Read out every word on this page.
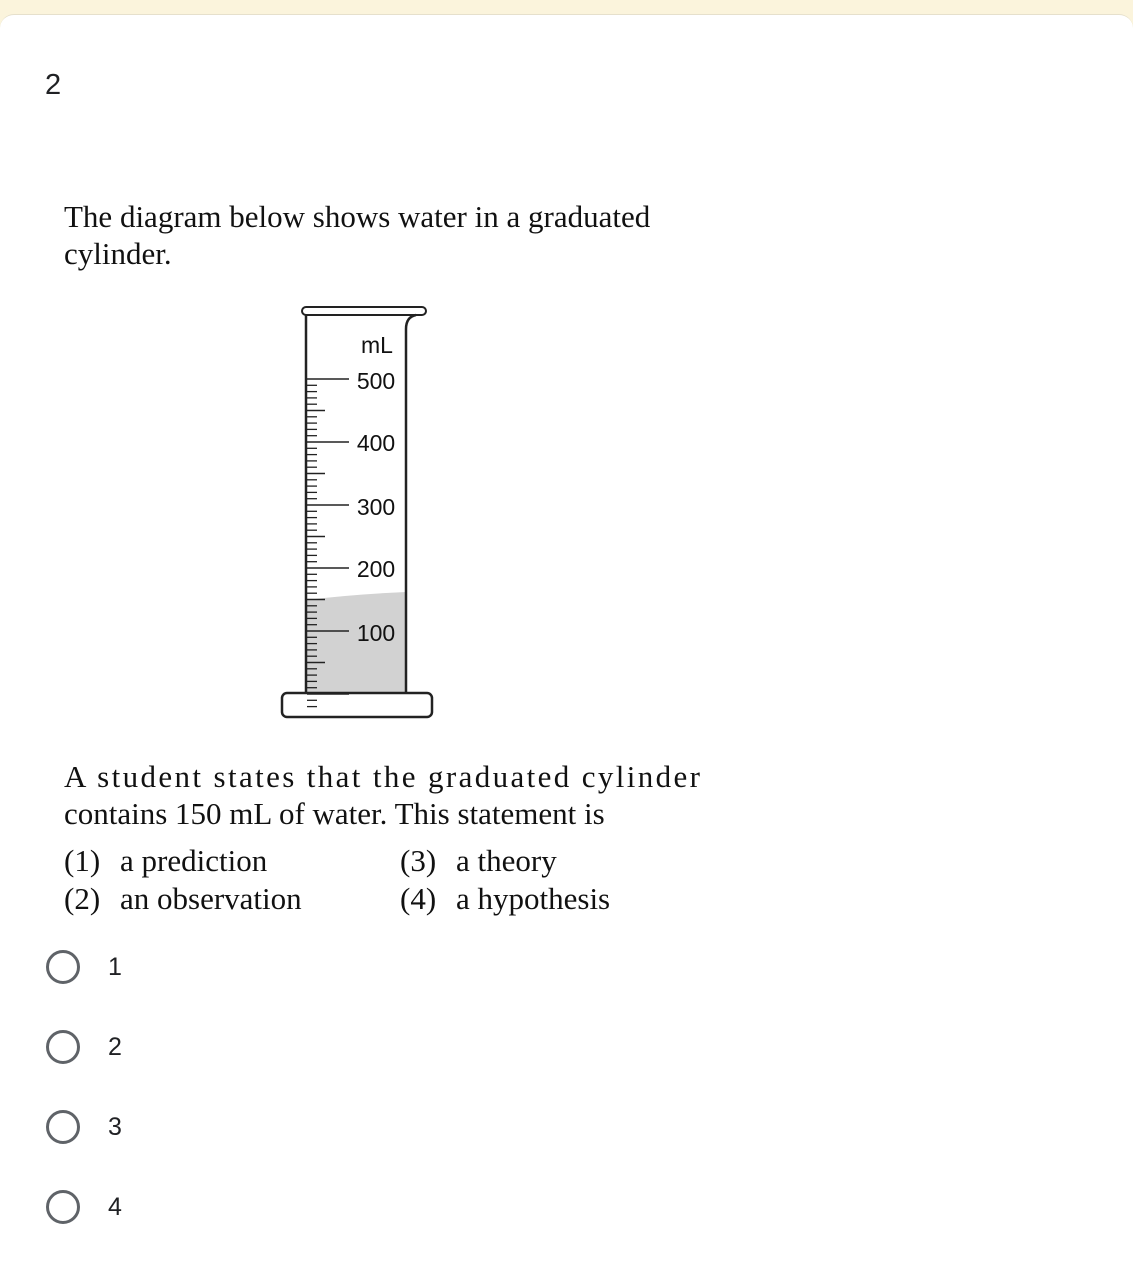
2

The diagram below shows water in a graduated
cylinder.
mL
500
400
300
200
100
A student states that the graduated cylinder
contains 150 mL of water. This statement is
(1) a prediction
(2) an observation
(3) a theory
(4) a hypothesis
1
2
3
4
